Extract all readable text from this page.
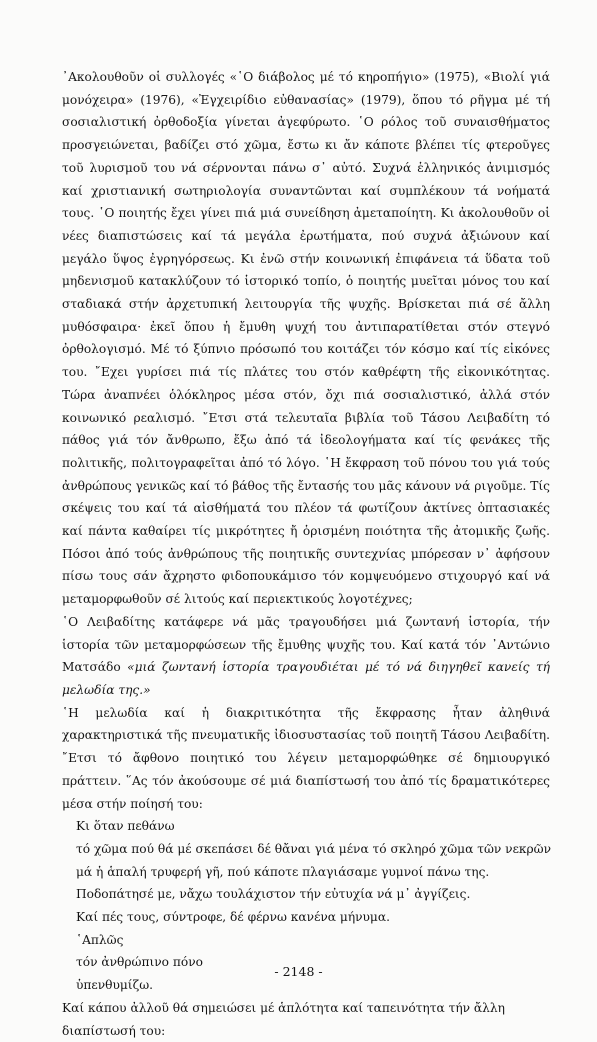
᾿Ακολουθοῦν οἱ συλλογές «῾Ο διάβολος μέ τό κηροπήγιο» (1975), «Βιολί γιά μονόχειρα» (1976), «Ἐγχειρίδιο εὐθανασίας» (1979), ὅπου τό ρῆγμα μέ τή σοσιαλιστική ὀρθοδοξία γίνεται ἀγεφύρωτο. ῾Ο ρόλος τοῦ συναισθήματος προσγειώνεται, βαδίζει στό χῶμα, ἔστω κι ἄν κάποτε βλέπει τίς φτεροῦγες τοῦ λυρισμοῦ του νά σέρνονται πάνω σ᾿ αὐτό. Συχνά ἑλληνικός ἀνιμισμός καί χριστιανική σωτηριολογία συναντῶνται καί συμπλέκουν τά νοήματά τους. ῾Ο ποιητής ἔχει γίνει πιά μιά συνείδηση ἀμεταποίητη. Κι ἀκολουθοῦν οἱ νέες διαπιστώσεις καί τά μεγάλα ἐρωτήματα, πού συχνά ἀξιώνουν καί μεγάλο ὕψος ἐγρηγόρσεως. Κι ἐνῶ στήν κοινωνική ἐπιφάνεια τά ὕδατα τοῦ μηδενισμοῦ κατακλύζουν τό ἱστορικό τοπίο, ὁ ποιητής μυεῖται μόνος του καί σταδιακά στήν ἀρχετυπική λειτουργία τῆς ψυχῆς. Βρίσκεται πιά σέ ἄλλη μυθόσφαιρα· ἐκεῖ ὅπου ἡ ἔμυθη ψυχή του ἀντιπαρατίθεται στόν στεγνό ὀρθολογισμό. Μέ τό ξύπνιο πρόσωπό του κοιτάζει τόν κόσμο καί τίς εἰκόνες του. ῎Εχει γυρίσει πιά τίς πλάτες του στόν καθρέφτη τῆς εἰκονικότητας. Τώρα ἀναπνέει ὁλόκληρος μέσα στόν, ὄχι πιά σοσιαλιστικό, ἀλλά στόν κοινωνικό ρεαλισμό. ῎Ετσι στά τελευταῖα βιβλία τοῦ Τάσου Λειβαδίτη τό πάθος γιά τόν ἄνθρωπο, ἔξω ἀπό τά ἰδεολογήματα καί τίς φενάκες τῆς πολιτικῆς, πολιτογραφεῖται ἀπό τό λόγο. ῾Η ἔκφραση τοῦ πόνου του γιά τούς ἀνθρώπους γενικῶς καί τό βάθος τῆς ἔντασής του μᾶς κάνουν νά ριγοῦμε. Τίς σκέψεις του καί τά αἰσθήματά του πλέον τά φωτίζουν ἀκτίνες ὀπτασιακές καί πάντα καθαίρει τίς μικρότητες ἤ ὁρισμένη ποιότητα τῆς ἀτομικῆς ζωῆς. Πόσοι ἀπό τούς ἀνθρώπους τῆς ποιητικῆς συντεχνίας μπόρεσαν ν᾿ ἀφήσουν πίσω τους σάν ἄχρηστο φιδοπουκάμισο τόν κομψευόμενο στιχουργό καί νά μεταμορφωθοῦν σέ λιτούς καί περιεκτικούς λογοτέχνες;

῾Ο Λειβαδίτης κατάφερε νά μᾶς τραγουδήσει μιά ζωντανή ἱστορία, τήν ἱστορία τῶν μεταμορφώσεων τῆς ἔμυθης ψυχῆς του. Καί κατά τόν ᾿Αντώνιο Ματσάδο «μιά ζωντανή ἱστορία τραγουδιέται μέ τό νά διηγηθεῖ κανείς τή μελωδία της.»

῾Η μελωδία καί ἡ διακριτικότητα τῆς ἔκφρασης ἦταν ἀληθινά χαρακτηριστικά τῆς πνευματικῆς ἰδιοσυστασίας τοῦ ποιητῆ Τάσου Λειβαδίτη. ῎Ετσι τό ἄφθονο ποιητικό του λέγειν μεταμορφώθηκε σέ δημιουργικό πράττειν. ῞Ας τόν ἀκούσουμε σέ μιά διαπίστωσή του ἀπό τίς δραματικότερες μέσα στήν ποίησή του:

Κι ὅταν πεθάνω
τό χῶμα πού θά μέ σκεπάσει δέ θἄναι γιά μένα τό σκληρό χῶμα τῶν νεκρῶν
μά ἡ ἁπαλή τρυφερή γῆ, πού κάποτε πλαγιάσαμε γυμνοί πάνω της.
Ποδοπάτησέ με, νἄχω τουλάχιστον τήν εὐτυχία νά μ᾿ ἀγγίζεις.
Καί πές τους, σύντροφε, δέ φέρνω κανένα μήνυμα.
῾Απλῶς
τόν ἀνθρώπινο πόνο
ὑπενθυμίζω.

Καί κάπου ἀλλοῦ θά σημειώσει μέ ἁπλότητα καί ταπεινότητα τήν ἄλλη διαπίστωσή του:

- 2148 -
